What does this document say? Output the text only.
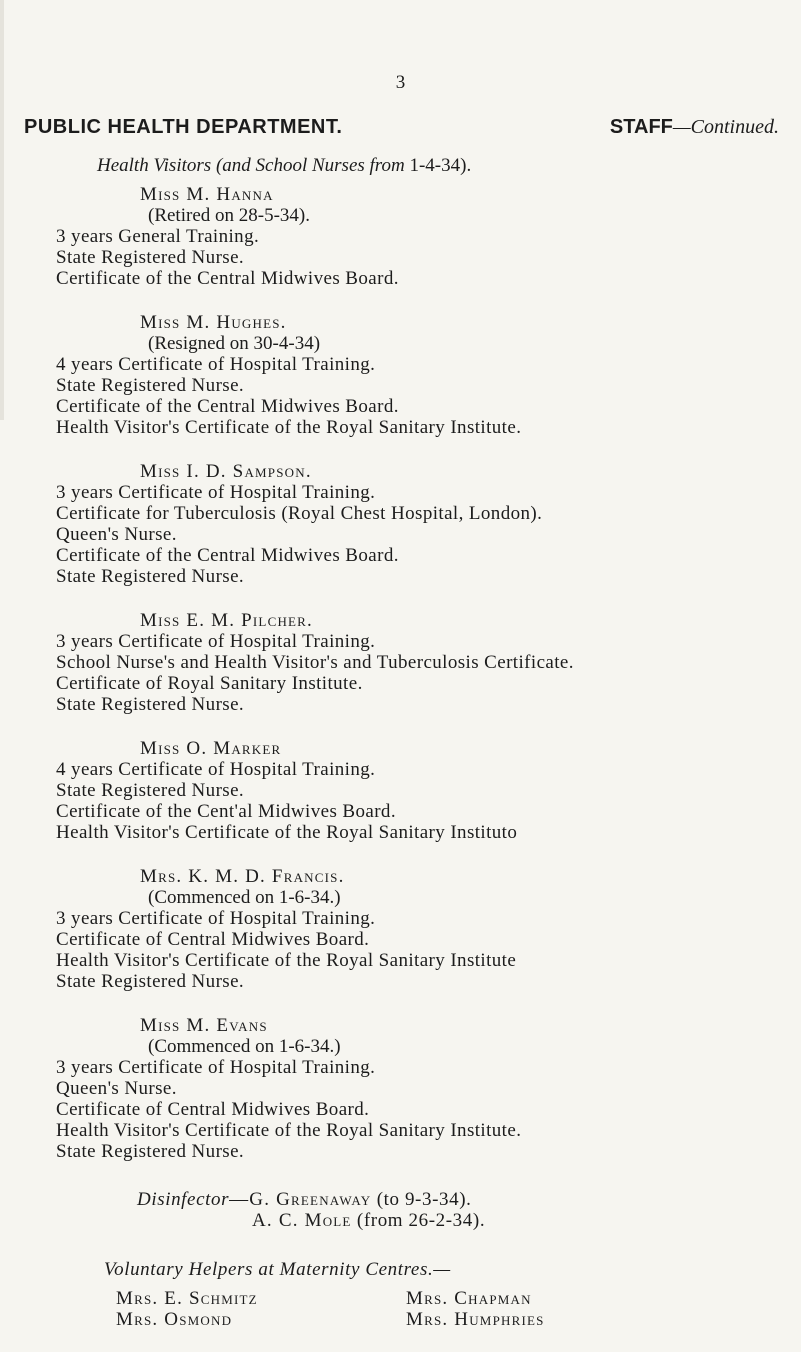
3
PUBLIC HEALTH DEPARTMENT.	STAFF—Continued.
Health Visitors (and School Nurses from 1-4-34).
Miss M. Hanna
(Retired on 28-5-34).
3 years General Training.
State Registered Nurse.
Certificate of the Central Midwives Board.
Miss M. Hughes.
(Resigned on 30-4-34)
4 years Certificate of Hospital Training.
State Registered Nurse.
Certificate of the Central Midwives Board.
Health Visitor's Certificate of the Royal Sanitary Institute.
Miss I. D. Sampson.
3 years Certificate of Hospital Training.
Certificate for Tuberculosis (Royal Chest Hospital, London).
Queen's Nurse.
Certificate of the Central Midwives Board.
State Registered Nurse.
Miss E. M. Pilcher.
3 years Certificate of Hospital Training.
School Nurse's and Health Visitor's and Tuberculosis Certificate.
Certificate of Royal Sanitary Institute.
State Registered Nurse.
Miss O. Marker
4 years Certificate of Hospital Training.
State Registered Nurse.
Certificate of the Cent'al Midwives Board.
Health Visitor's Certificate of the Royal Sanitary Instituto
Mrs. K. M. D. Francis.
(Commenced on 1-6-34.)
3 years Certificate of Hospital Training.
Certificate of Central Midwives Board.
Health Visitor's Certificate of the Royal Sanitary Institute
State Registered Nurse.
Miss M. Evans
(Commenced on 1-6-34.)
3 years Certificate of Hospital Training.
Queen's Nurse.
Certificate of Central Midwives Board.
Health Visitor's Certificate of the Royal Sanitary Institute.
State Registered Nurse.
Disinfector—G. Greenaway (to 9-3-34).
A. C. Mole (from 26-2-34).
Voluntary Helpers at Maternity Centres.—
Mrs. E. Schmitz	Mrs. Chapman
Mrs. Osmond	Mrs. Humphries
